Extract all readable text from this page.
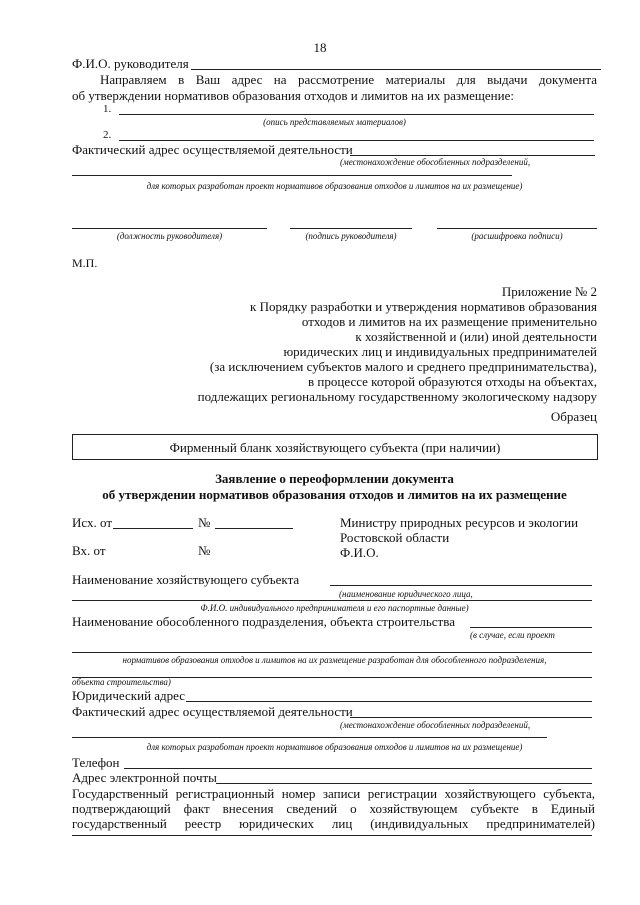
18
Ф.И.О. руководителя
Направляем в Ваш адрес на рассмотрение материалы для выдачи документа
об утверждении нормативов образования отходов и лимитов на их размещение:
1.
(опись представляемых материалов)
2.
Фактический адрес осуществляемой деятельности
(местонахождение обособленных подразделений,
для которых разработан проект нормативов образования отходов и лимитов на их размещение)
(должность руководителя)	(подпись руководителя)	(расшифровка подписи)
М.П.
Приложение № 2
к Порядку разработки и утверждения нормативов образования
отходов и лимитов на их размещение применительно
к хозяйственной и (или) иной деятельности
юридических лиц и индивидуальных предпринимателей
(за исключением субъектов малого и среднего предпринимательства),
в процессе которой образуются отходы на объектах,
подлежащих региональному государственному экологическому надзору
Образец
Фирменный бланк хозяйствующего субъекта (при наличии)
Заявление о переоформлении документа
об утверждении нормативов образования отходов и лимитов на их размещение
Исх. от	№
Вх. от	№
Министру природных ресурсов и экологии
Ростовской области
Ф.И.О.
Наименование хозяйствующего субъекта
(наименование юридического лица,
Ф.И.О. индивидуального предпринимателя и его паспортные данные)
Наименование обособленного подразделения, объекта строительства
(в случае, если проект
нормативов образования отходов и лимитов на их размещение разработан для обособленного подразделения,
объекта строительства)
Юридический адрес
Фактический адрес осуществляемой деятельности
(местонахождение обособленных подразделений,
для которых разработан проект нормативов образования отходов и лимитов на их размещение)
Телефон
Адрес электронной почты
Государственный регистрационный номер записи регистрации хозяйствующего субъекта,
подтверждающий факт внесения сведений о хозяйствующем субъекте в Единый
государственный реестр юридических лиц (индивидуальных предпринимателей)
